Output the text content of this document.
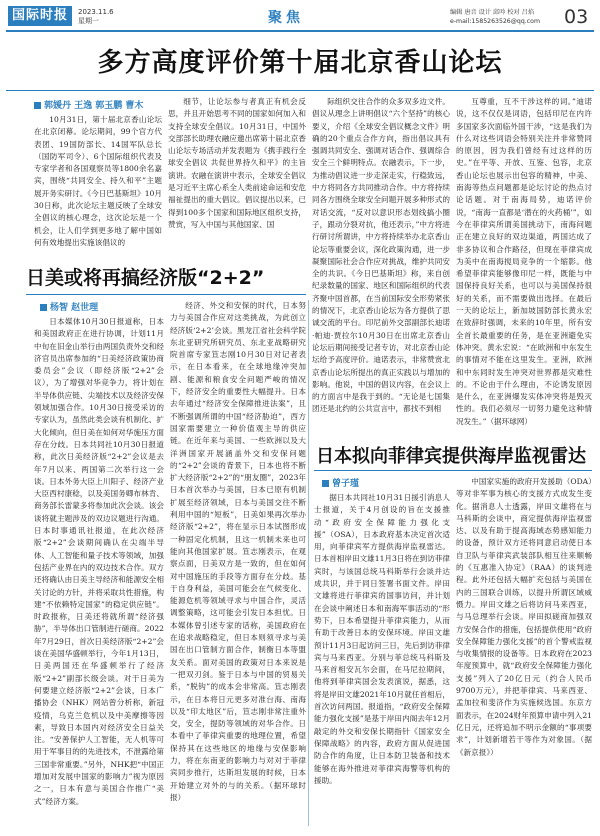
国际时报	2023.11.6
星期一	聚焦	编辑 唐音 设计 邱吟 校对 吕焰
e-mail:1585263526@qq.com	03
多方高度评价第十届北京香山论坛
郭媛丹 王逸 郭玉鹏 曹木

10月31日，第十届北京香山论坛在北京闭幕。论坛期间，99个官方代表团、19国防部长、14国军队总长（国防军司令）、6个国际组织代表及专家学者和各国观察员等1800余名嘉宾，围绕“共同安全、持久和平”主题展开务实研讨。《今日巴基斯坦》10月30日称，此次论坛主题反映了全球安全倡议的核心理念，这次论坛是一个机会，让人们学到更多地了解中国如何有效地提出实施该倡议的

细节，让论坛参与者真正有机会反思，并且开始思考不同的国家如何加入和支持全球安全倡议。10月31日，中国外交部部长助理农融应邀出席第十届北京香山论坛专场活动并发表题为《携手践行全球安全倡议 共促世界持久和平》的主旨演讲。农融在演讲中表示，全球安全倡议是习近平主席心系全人类前途命运和安危福祉提出的重大倡议。倡议提出以来，已得到100多个国家和国际地区组织支持，赞赏，写入中国与其他国家、国

际组织交往合作的众多双多边文件。倡议从理念上讲明倡议“六个坚持”的核心要义，介绍《全球安全倡议概念文件》明确的20个重点合作方向，指出倡议具有强调共同安全、强调对话合作、强调综合安全三个鲜明特点。农融表示，下一步，为推动倡议进一步走深走实，行稳致远，中方将同各方共同推动合作。中方将持续同各方围绕全球安全问题开展多种形式的对话交流，“反对以意识形态划线搞小圈子，跟动分裂对抗，他还表示，”中方将进行研讨所谓讲，中方将持续举办北京香山论坛等重要会议，深化政策沟通，进一步凝聚国际社会合作应对挑战，维护共同安全的共识。《今日巴基斯坦》称，来自创纪录数量的国家、地区和国际组织的代表齐聚中国首都，在当前国际安全形势紧张的情况下，北京香山论坛为各方提供了思诚交流的平台。印尼前外交部副部长迪诺·帕迪·贾拉尔10月30日在出席北京香山论坛后期间接受记者专访，对北京香山论坛给予高度评价。迪诺表示，非常赞赏北京香山论坛所提出的真正实践以与增加的影响。他说，中国的倡议内容，在会议上的方面言中是我于到的。“无论是七国集团还是北约的公共宣言中，都找不到相

互尊重，互不干涉这样的词。”迪诺说，这不仅仅是词语，包括印尼在内许多国家多次面临外国干涉，“这是我们为什么对这些词语会特别关注并非常赞同的原因，因为我们曾经有过这样的历史。”在平等、开放、互鉴、包容，北京香山论坛也展示出包容的精神，中美、南海等热点问题都是论坛讨论的热点讨论话题。对于南海局势，迪诺评价说，“南海一直都是‘潜在的火药桶’”，如今在菲律宾所谓美国挑动下，南海问题正在建立良好的双边渠道，两国达成了非多协议和合作路径，但现在菲律宾成为美中在南海搅局竞争的一个缩影。他希望菲律宾能够像印尼一样，既能与中国保持良好关系，也可以与美国保持很好的关系，而不需要做出选择。在最后一天的论坛上，新加坡国防部长黄永宏在致辞时强调，未来的10年里，所有安全首长最重要的任务，是在亚洲避免实体冲突。黄永宏说：“在欧洲和中东发生的事情对不能在这里发生。亚洲，欧洲和中东同时发生冲突对世界都是灾难性的。不论由于什么理由，不论诱发原因是什么，在亚洲爆发实体冲突将是毁灭性的。我们必须尽一切努力避免这种情况发生。”（据环球网）

日美或将再搞经济版“2+2”
杨智 赵世理

日本媒体10月30日报道称，日本和美国政府正在进行协调，计划11月中旬在旧金山举行由两国负责外交和经济官员出席参加的“日美经济政策协商委员会”会议（即经济版“2+2”会议），为了增强对华竞争力，将计划在半导体供应链、尖端技术以及经济安保领域加强合作。10月30日接受采访的专家认为，虽然此类会谈有机制化、扩大化倾向，但日美在如何对华施压方面存在分歧。日本共同社10月30日报道称，此次日美经济版“2+2”会议是去年7月以来、两国第二次举行这一会谈。日本外务大臣上川阳子、经济产业大臣西村康稔，以及美国务卿布林肯、商务部长雷蒙多将参加此次会谈。该会谈将就主题涉及的双边议题进行沟通。日本时事通讯社报道，在此次经济版“2+2”会谈期间确认在尖端半导体、人工智能和量子技术等领域，加强包括产业界在内的双边技术合作。双方还将确认由日美主导经济和能源安全相关讨论的方针，并将采取共性措施，构建“不依赖特定国家”的稳定供应链”。时政报称，日美还将就所谓“经济强胁”，半导体出口管制进行磋商。2022年7月29日，首次日美经济版“2+2”会谈在美国华盛顿举行，今年1月13日，日美两国还在华盛顿举行了经济版“2+2”副部长级会谈。对于日美为何要建立经济版“2+2”会谈，日本广播协会（NHK）网站曾分析称，新冠疫情，乌克兰危机以及中美摩擦等因素，导致日本国内对经济安全日益关注。“安善保护人工智能，无人机等可用于军事目的的先进技术，不泄露给第三国非常重要。”另外，NHK把“中国正增加对发展中国家的影响力”视为原因之一，日本有意与美国合作推广“美式”经济方案。

经济、外交和安保的时代，日本努力与美国合作应对这类挑战，为此创立经济版‘2+2’会谈。黑龙江省社会科学院东北亚研究所研究员、东北亚战略研究院首席专家笪志刚10月30日对记者表示，在日本看来，在全球地缘冲突加剧、能源和粮食安全问题严峻的情况下，经济安全的重要性大幅提升。日本去年通过“经济安全保障推进法案”，且不断强调所谓的中国“经济胁迫”，西方国家需要建立一种价值观主导的供应链。在近年来与美国、一些欧洲以及大洋洲国家开展涵盖外交和安保问题的“2+2”会谈的背景下，日本也将不断扩大经济版“2+2”的“朋友圈”，2023年日本首次举办与美国，日本已原有机制扩展至经济领域，日本与美国交往不断利用中国的“短板”，日美如果再次举办经济版“2+2”，将在显示日本试图形成一种固定化机制，且这一机制未来也可能向其他国家扩展。笪志刚表示，在观察点面，日美双方是一致的，但在如何对中国施压的手段等方面存在分歧。基于自身利益，美国可能会在气候变化、能源危机等领域寻求与中国合作，灵活调整策略，这可能会引发日本担忧。日本媒体曾引述专家的话称，美国政府在在追求战略稳定，但日本则须寻求与美国在出口管制方面合作，制衡日本等盟友关系。面对美国的政策对日本来说是一把双刃剑。鉴于日本与中国的贸易关系，“脱钩”的成本会非常高。笪志刚表示，在日本将日元更多对准台海、南海以及“印太地区”后，笪志刚非常注重外交，安全，提防等领域的对华合作。日本看中了菲律宾重要的地理位置，希望保持其在这些地区的地缘与安保影响力，将在东南亚的影响力与对对于菲律宾同步推行，达斯坦发展的时候，日本开始建立对外的与的关系。（据环球时报）

日本拟向菲律宾提供海岸监视雷达
曾子瑾

据日本共同社10月31日援引消息人士报道，关于4月创设的旨在支援推动“政府安全保障能力强化支援”（OSA），日本政府基本决定首次适用，向菲律宾军方提供海岸监视雷达。日本首相岸田文雄11月3日将在到访菲律宾时，与该国总统马科斯举行会谈并达成共识，并于同日签署书面文件。岸田文雄将进行菲律宾的国事访问，并计划在会谈中阐述日本和南海军事活动的“形势下，日本希望提升菲律宾能力，从而有助于改善日本的安保环境。岸田文雄预计11月3日起访问三日，先后到访菲律宾与马来西亚。分别与菲总统马科斯及马来首相安瓦尔会面，在马尼拉期间，他将到菲律宾国会发表演说，据悉，这将是岸田文雄2021年10月就任首相后，首次访问两国。报道指，“政府安全保障能力强化支援”是基于岸田内阁去年12月敲定的外交和安保长期指针《国家安全保障战略》的内容，政府方面从促进国防合作的角度，让日本防卫装备和技术能够在海外推进对菲律宾海警等机构的援助。

中国家实施的政府开发援助（ODA）等对非军事为核心的支援方式成发生变化。据消息人士透露，岸田文雄将在与马科斯的会谈中，商定提供海岸监视雷达、以及有助于提高海域态势感知能力的设备，预计双方还将同意启动使日本自卫队与菲律宾武装部队相互往来顺畅的《互惠准入协定》（RAA）的谈判进程。此外还包括大幅扩充包括与美国在内的三国联合训练，以提升所谓区域威慑力。岸田文雄之后将访问马来西亚，与马总理举行会谈。岸田拟磋商加强双方安保合作的措施，包括提供使用“政府安全保障能力强化支援”的首个警戒监视与收集情报的设备等。日本政府在2023年度预算中，就“政府安全保障能力强化支援”列入了20亿日元（约合人民币9700万元），并把菲律宾、马来西亚、孟加拉和斐济作为实施候选国。东京方面表示，在2024财年预算申请中列入21亿日元，还将追加不明示金额的“事项要求”，计划新增若干等作为对象国。（据《新京报》）
